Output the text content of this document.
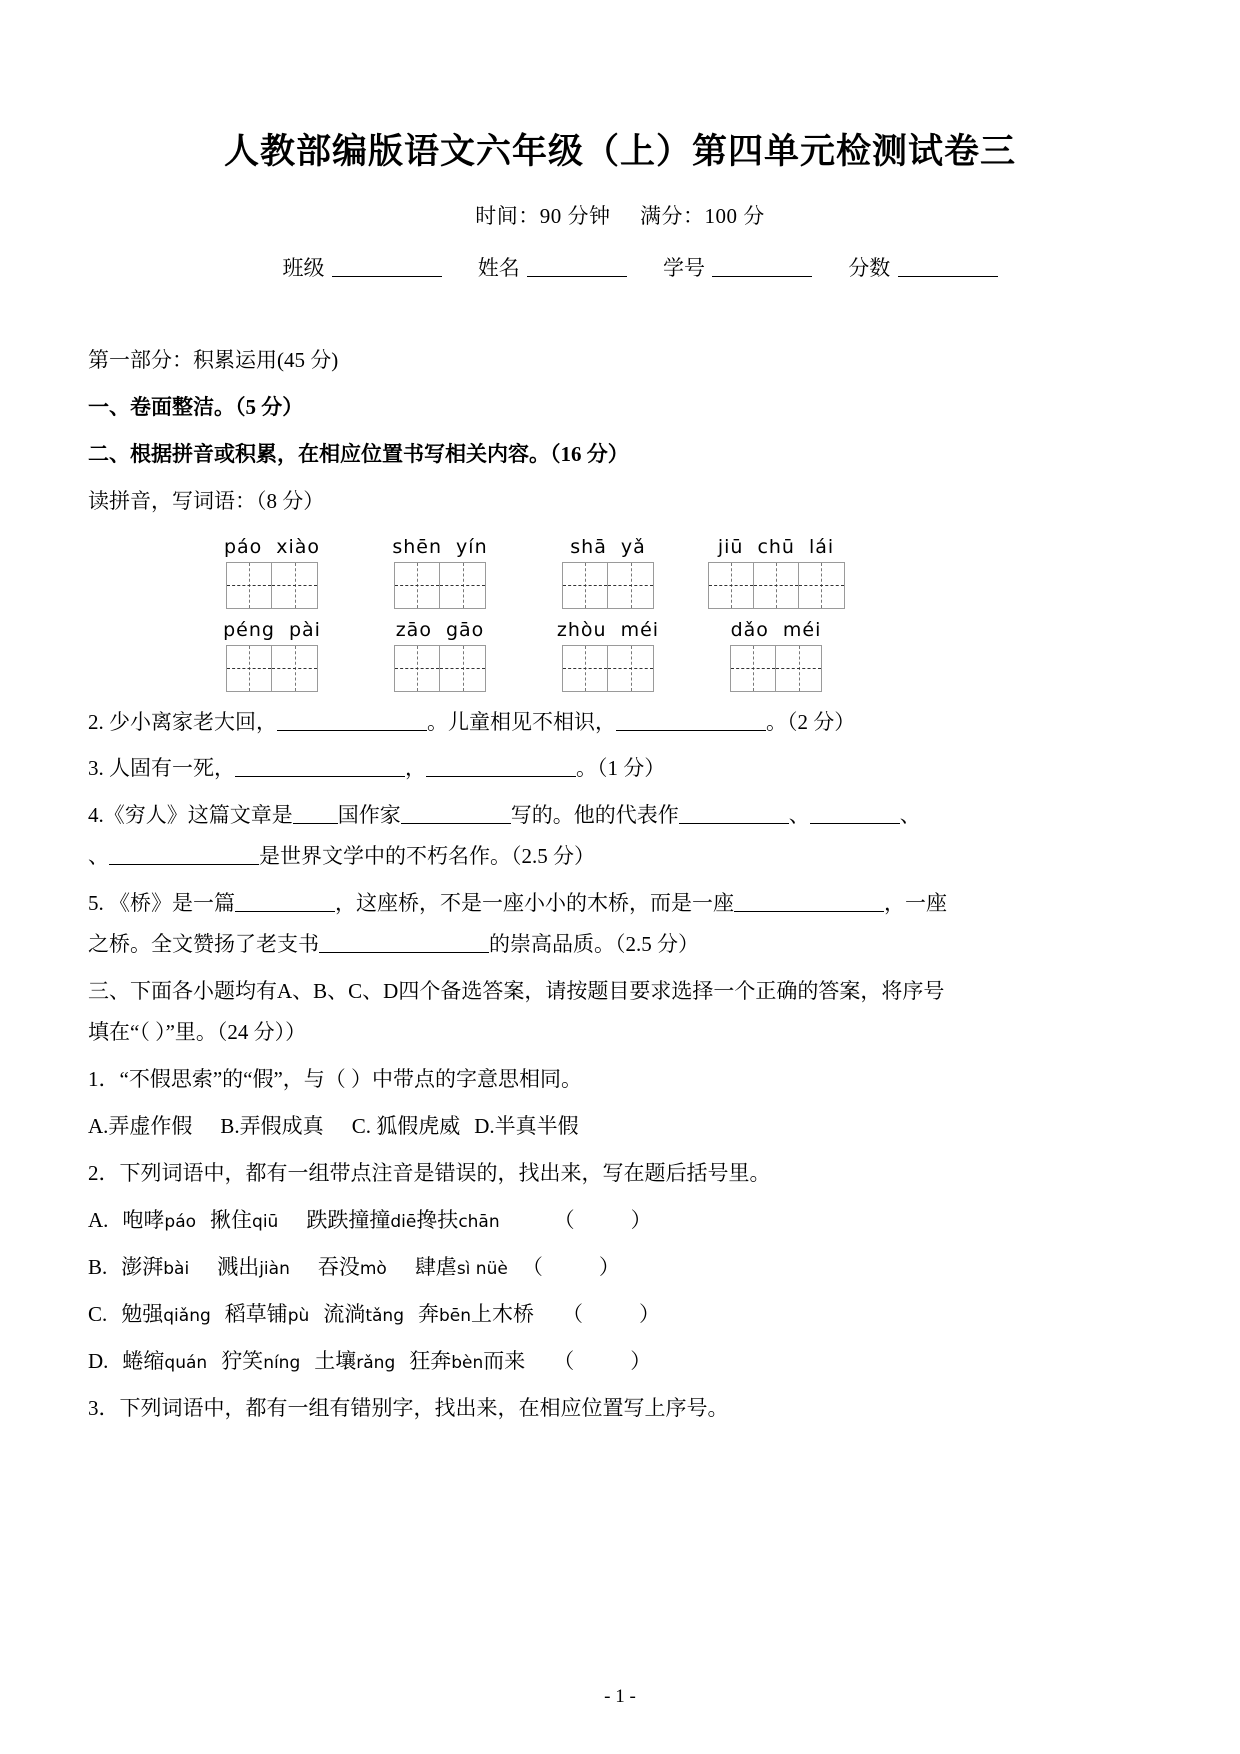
人教部编版语文六年级（上）第四单元检测试卷三
时间：90 分钟 满分：100 分
班级	姓名	学号	分数

第一部分：积累运用(45 分)

一、卷面整洁。（5 分）

二、根据拼音或积累，在相应位置书写相关内容。（16 分）

读拼音，写词语：（8 分）

páo xiào	shēn yín	shā yǎ	jiū chū lái
péng pài	zāo gāo	zhòu méi	dǎo méi

2. 少小离家老大回，	。儿童相见不相识，	。（2 分）

3. 人固有一死，	，	。（1 分）

4.《穷人》这篇文章是 国作家	写的。他的代表作	、	、
、	是世界文学中的不朽名作。（2.5 分）

5. 《桥》是一篇	，这座桥，不是一座小小的木桥，而是一座	，一座
之桥。全文赞扬了老支书	的崇高品质。（2.5 分）

三、下面各小题均有A、B、C、D四个备选答案，请按题目要求选择一个正确的答案，将序号
填在“（ ）”里。（24 分））

1．“不假思索”的“假”，与（ ）中带点的字意思相同。

A.弄虚作假 B.弄假成真 C. 狐假虎威 D.半真半假

2．下列词语中，都有一组带点注音是错误的，找出来，写在题后括号里。

A. 咆哮páo 揪住qiū 跌跌撞撞diē搀扶chān	（	）

B. 澎湃bài 溅出jiàn 吞没mò 肆虐sì nüè （	）

C. 勉强qiǎng 稻草铺pù 流淌tǎng 奔bēn上木桥 （	）

D. 蜷缩quán 狞笑níng 土壤rǎng 狂奔bèn而来 （	）

3．下列词语中，都有一组有错别字，找出来，在相应位置写上序号。

- 1 -
